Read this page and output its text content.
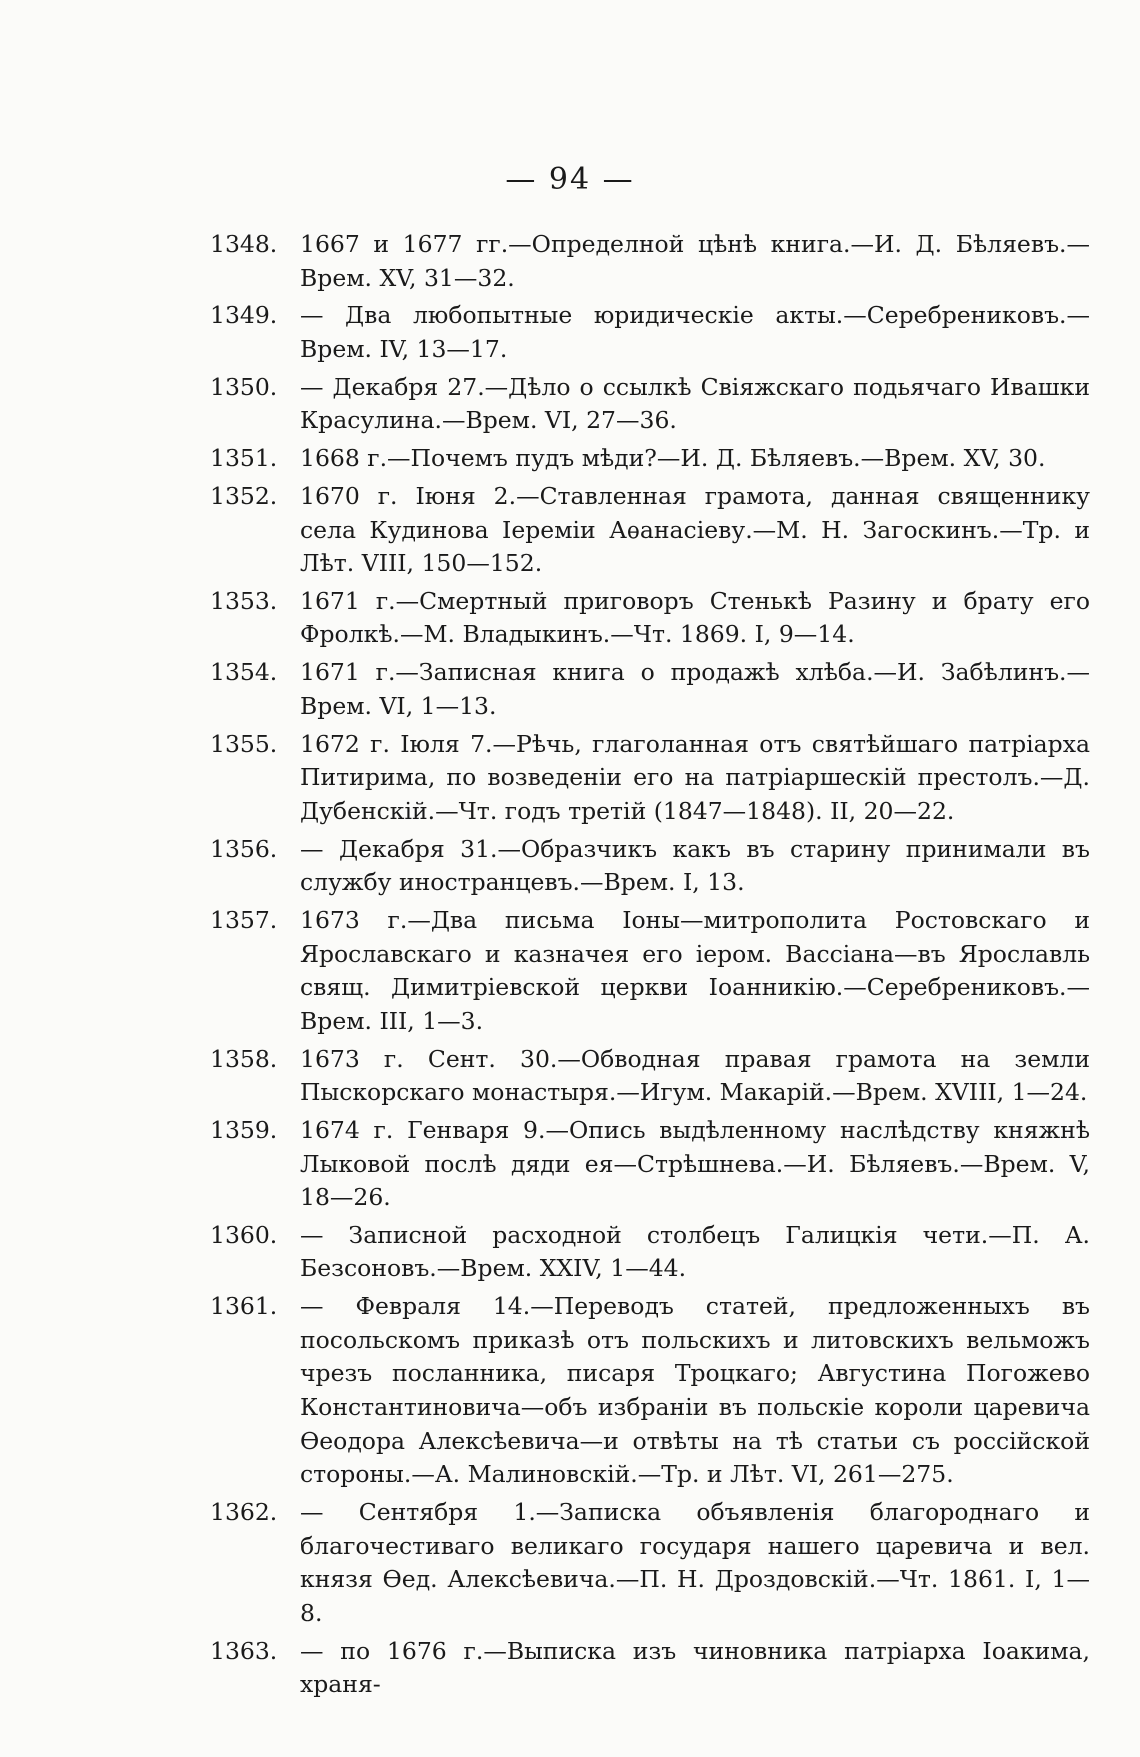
— 94 —
1348. 1667 и 1677 гг.—Определной цѣнѣ книга.—И. Д. Бѣляевъ.—Врем. XV, 31—32.
1349. — Два любопытные юридическіе акты.—Серебрениковъ.—Врем. IV, 13—17.
1350. — Декабря 27.—Дѣло о ссылкѣ Свіяжскаго подьячаго Ивашки Красулина.—Врем. VI, 27—36.
1351. 1668 г.—Почемъ пудъ мѣди?—И. Д. Бѣляевъ.—Врем. XV, 30.
1352. 1670 г. Іюня 2.—Ставленная грамота, данная священнику села Кудинова Іереміи Аѳанасіеву.—М. Н. Загоскинъ.—Тр. и Лѣт. VIII, 150—152.
1353. 1671 г.—Смертный приговоръ Стенькѣ Разину и брату его Фролкѣ.—М. Владыкинъ.—Чт. 1869. I, 9—14.
1354. 1671 г.—Записная книга о продажѣ хлѣба.—И. Забѣлинъ.—Врем. VI, 1—13.
1355. 1672 г. Іюля 7.—Рѣчь, глаголанная отъ святѣйшаго патріарха Питирима, по возведеніи его на патріаршескій престолъ.—Д. Дубенскій.—Чт. годъ третій (1847—1848). II, 20—22.
1356. — Декабря 31.—Образчикъ какъ въ старину принимали въ службу иностранцевъ.—Врем. I, 13.
1357. 1673 г.—Два письма Іоны—митрополита Ростовскаго и Ярославскаго и казначея его іером. Вассіана—въ Ярославль свящ. Димитріевской церкви Іоанникію.—Серебрениковъ.—Врем. III, 1—3.
1358. 1673 г. Сент. 30.—Обводная правая грамота на земли Пыскорскаго монастыря.—Игум. Макарій.—Врем. XVIII, 1—24.
1359. 1674 г. Генваря 9.—Опись выдѣленному наслѣдству княжнѣ Лыковой послѣ дяди ея—Стрѣшнева.—И. Бѣляевъ.—Врем. V, 18—26.
1360. — Записной расходной столбецъ Галицкія чети.—П. А. Безсоновъ.—Врем. XXIV, 1—44.
1361. — Февраля 14.—Переводъ статей, предложенныхъ въ посольскомъ приказѣ отъ польскихъ и литовскихъ вельможъ чрезъ посланника, писаря Троцкаго; Августина Погожево Константиновича—объ избраніи въ польскіе короли царевича Ѳеодора Алексѣевича—и отвѣты на тѣ статьи съ россійской стороны.—А. Малиновскій.—Тр. и Лѣт. VI, 261—275.
1362. — Сентября 1.—Записка объявленія благороднаго и благочестиваго великаго государя нашего царевича и вел. князя Ѳед. Алексѣевича.—П. Н. Дроздовскій.—Чт. 1861. I, 1—8.
1363. — по 1676 г.—Выписка изъ чиновника патріарха Іоакима, храня-
